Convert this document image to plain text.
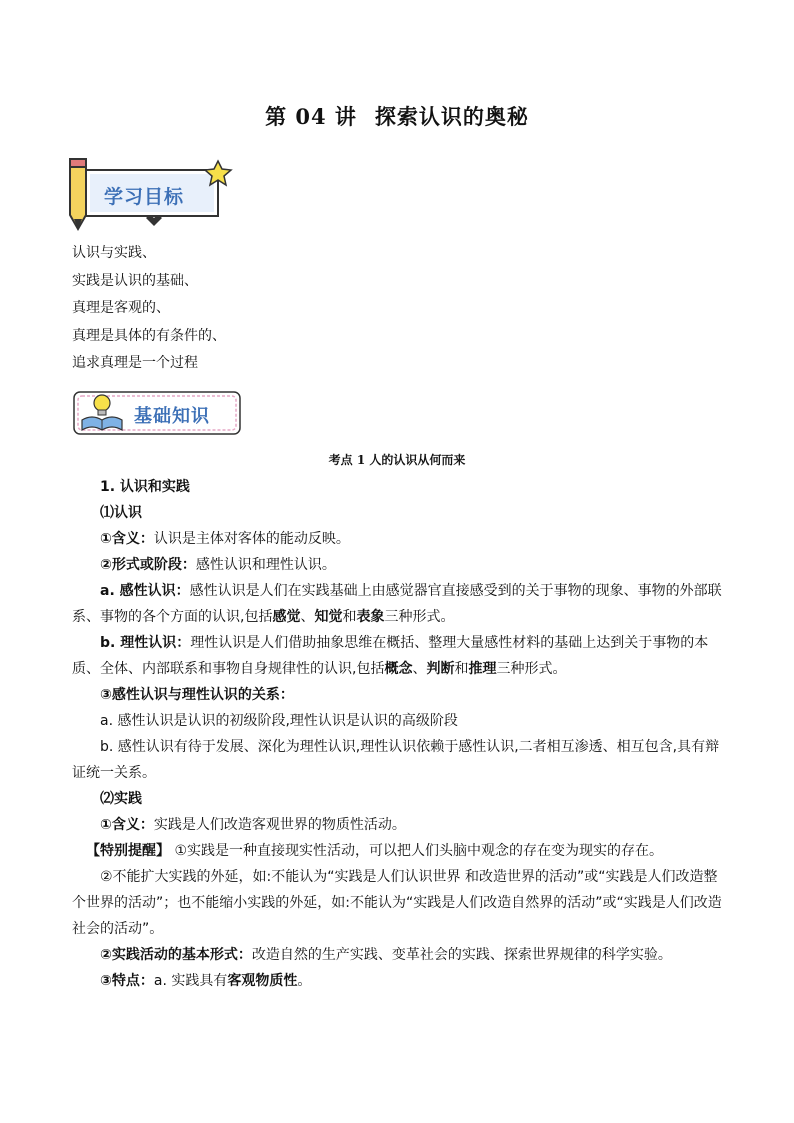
第 04 讲 探索认识的奥秘
学习目标
认识与实践、
实践是认识的基础、
真理是客观的、
真理是具体的有条件的、
追求真理是一个过程
基础知识
考点 1 人的认识从何而来

1. 认识和实践

⑴认识

①含义：认识是主体对客体的能动反映。

②形式或阶段：感性认识和理性认识。

a. 感性认识：感性认识是人们在实践基础上由感觉器官直接感受到的关于事物的现象、事物的外部联系、事物的各个方面的认识,包括感觉、知觉和表象三种形式。

b. 理性认识：理性认识是人们借助抽象思维在概括、整理大量感性材料的基础上达到关于事物的本质、全体、内部联系和事物自身规律性的认识,包括概念、判断和推理三种形式。

③感性认识与理性认识的关系：

a. 感性认识是认识的初级阶段,理性认识是认识的高级阶段

b. 感性认识有待于发展、深化为理性认识,理性认识依赖于感性认识,二者相互渗透、相互包含,具有辩证统一关系。

⑵实践

①含义：实践是人们改造客观世界的物质性活动。

【特别提醒】 ①实践是一种直接现实性活动，可以把人们头脑中观念的存在变为现实的存在。

②不能扩大实践的外延，如:不能认为“实践是人们认识世界 和改造世界的活动”或“实践是人们改造整个世界的活动”；也不能缩小实践的外延，如:不能认为“实践是人们改造自然界的活动”或“实践是人们改造社会的活动”。

②实践活动的基本形式：改造自然的生产实践、变革社会的实践、探索世界规律的科学实验。

③特点：a. 实践具有客观物质性。
